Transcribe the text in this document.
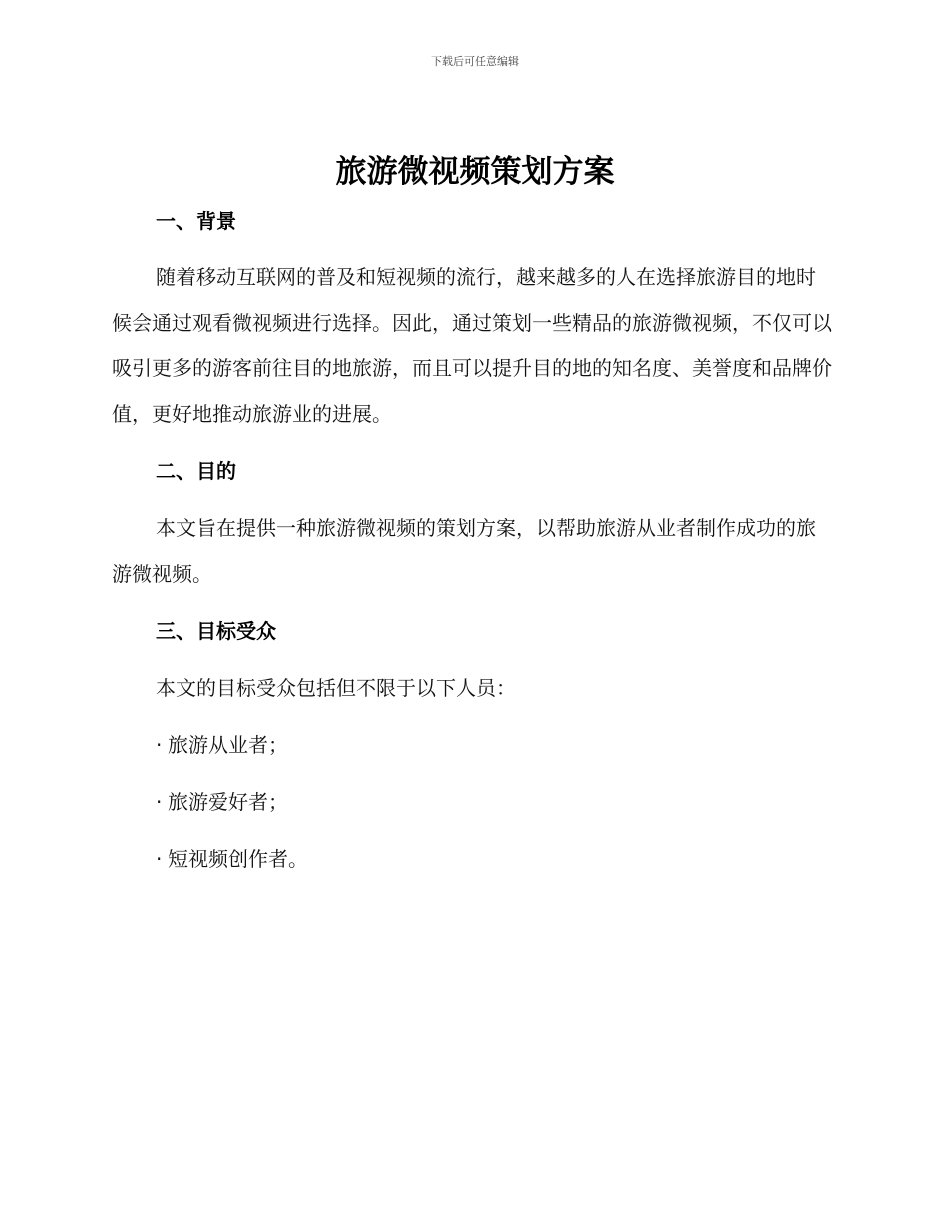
下载后可任意编辑
旅游微视频策划方案
一、背景

随着移动互联网的普及和短视频的流行，越来越多的人在选择旅游目的地时候会通过观看微视频进行选择。因此，通过策划一些精品的旅游微视频，不仅可以吸引更多的游客前往目的地旅游，而且可以提升目的地的知名度、美誉度和品牌价值，更好地推动旅游业的进展。

二、目的

本文旨在提供一种旅游微视频的策划方案，以帮助旅游从业者制作成功的旅游微视频。

三、目标受众

本文的目标受众包括但不限于以下人员：

· 旅游从业者；

· 旅游爱好者；

· 短视频创作者。
